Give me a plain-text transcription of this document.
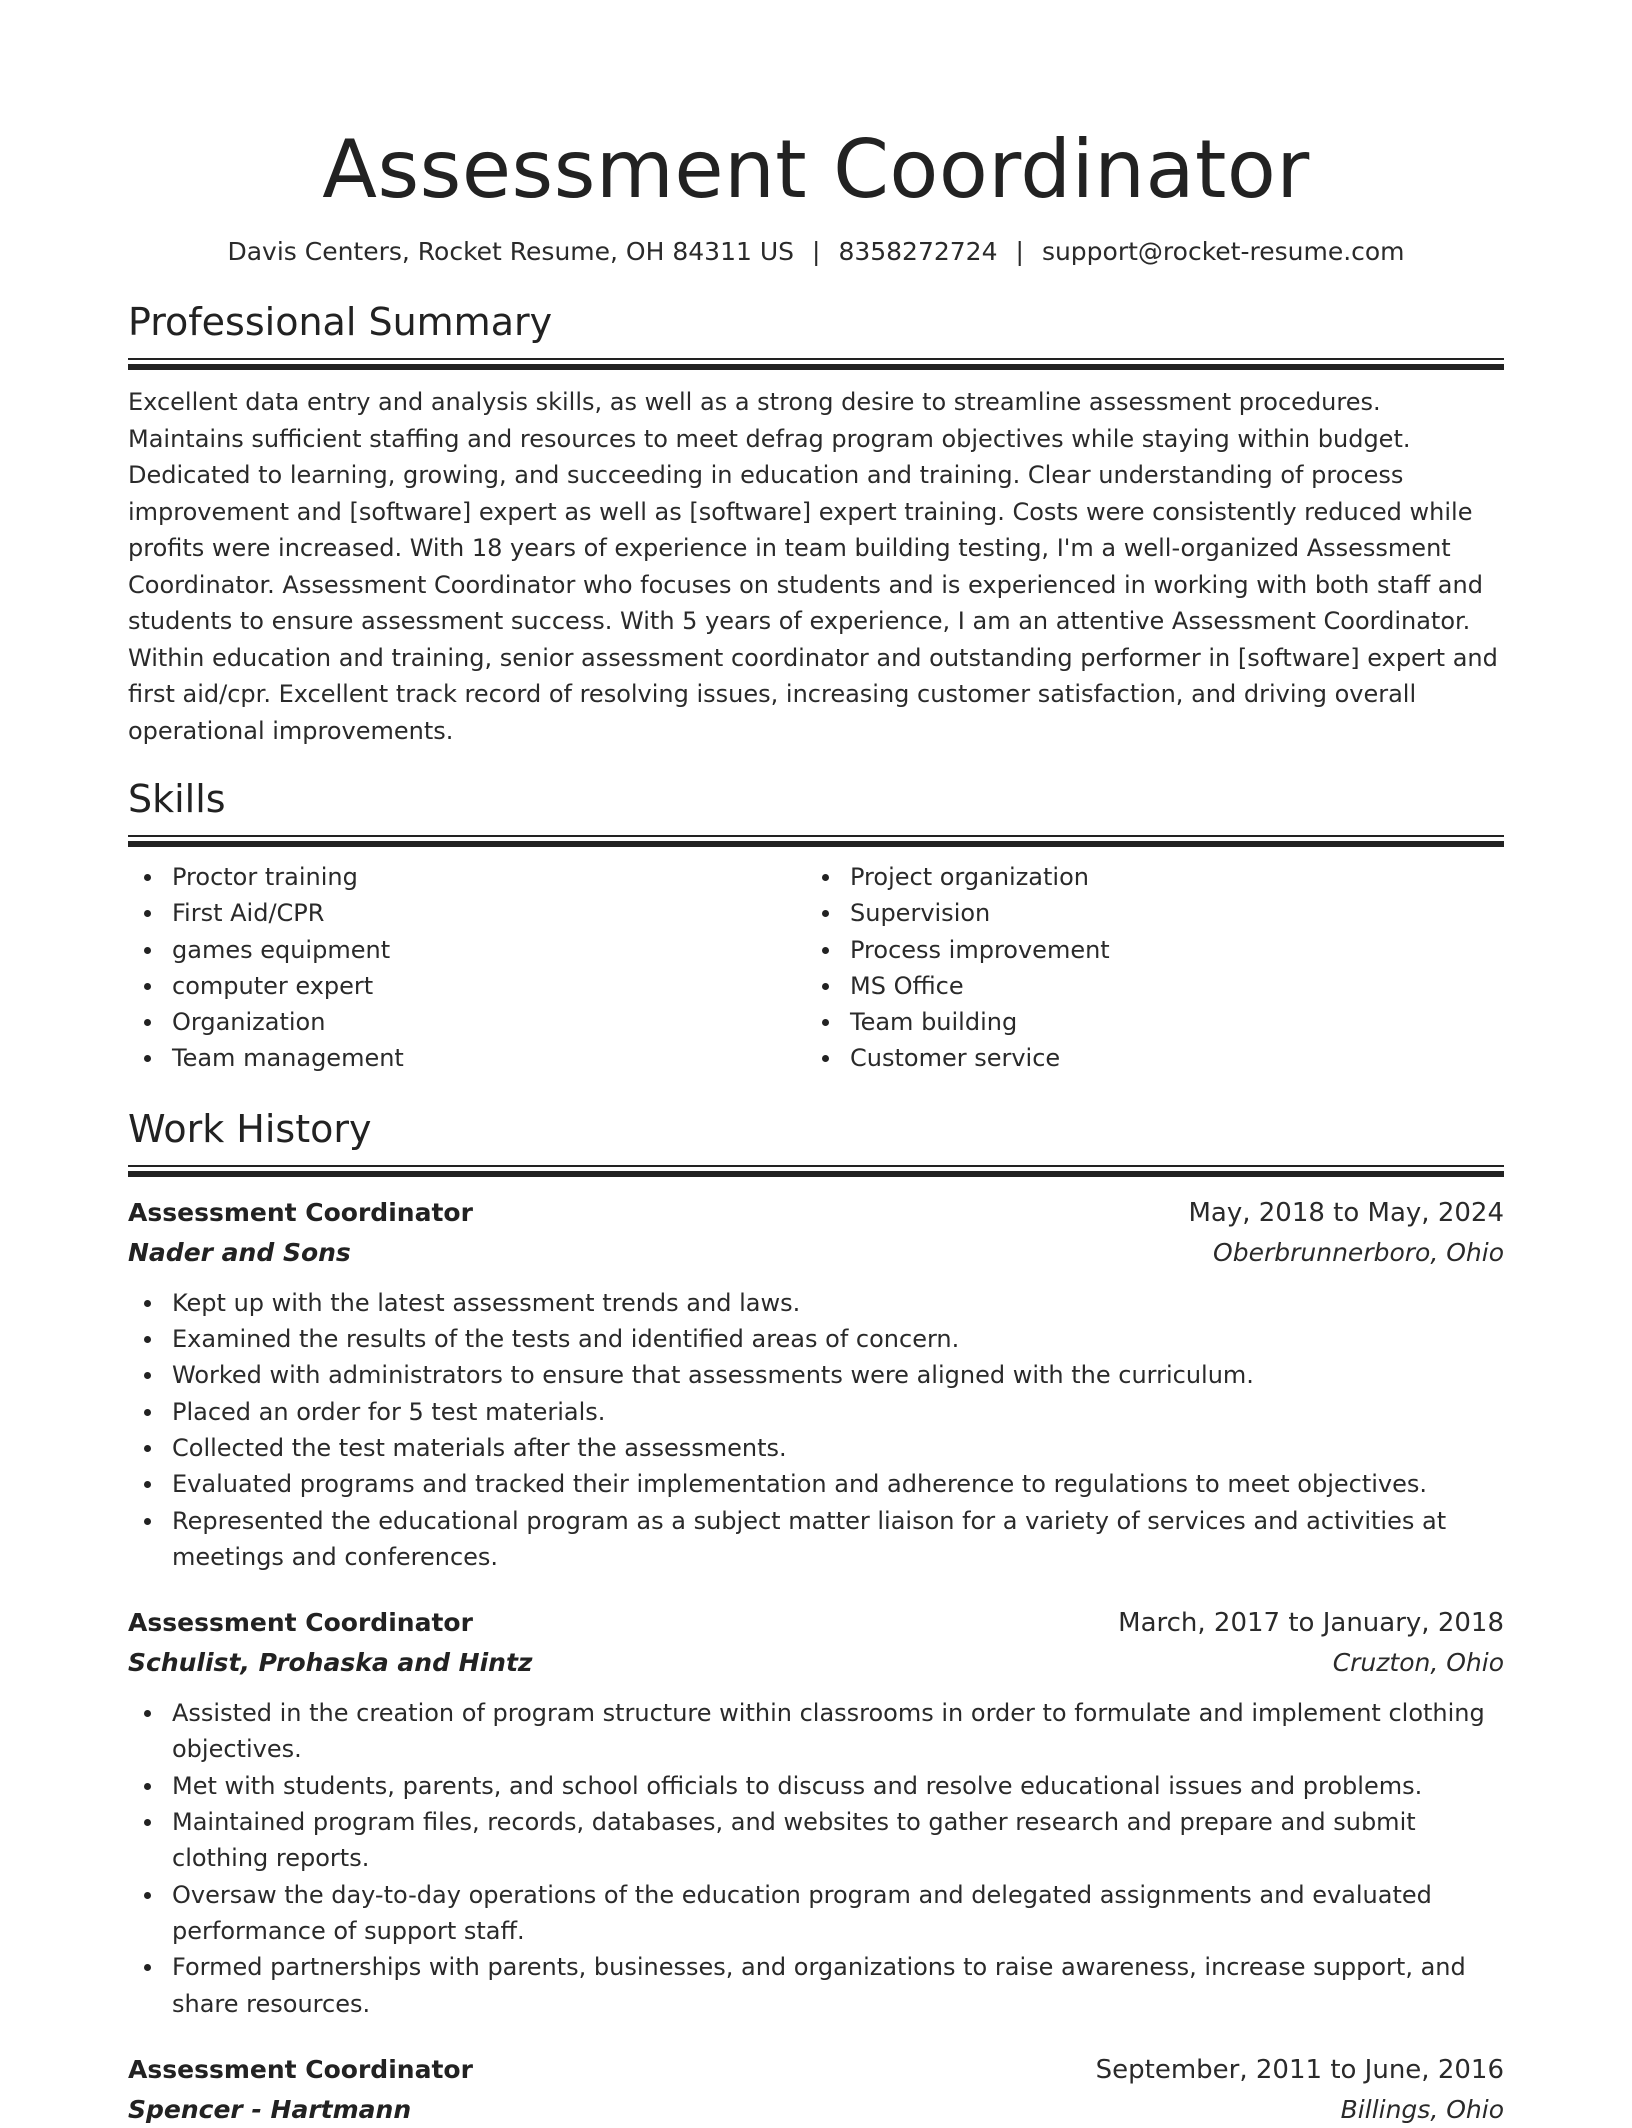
Assessment Coordinator
Davis Centers, Rocket Resume, OH 84311 US | 8358272724 | support@rocket-resume.com
Professional Summary
Excellent data entry and analysis skills, as well as a strong desire to streamline assessment procedures. Maintains sufficient staffing and resources to meet defrag program objectives while staying within budget. Dedicated to learning, growing, and succeeding in education and training. Clear understanding of process improvement and [software] expert as well as [software] expert training. Costs were consistently reduced while profits were increased. With 18 years of experience in team building testing, I'm a well-organized Assessment Coordinator. Assessment Coordinator who focuses on students and is experienced in working with both staff and students to ensure assessment success. With 5 years of experience, I am an attentive Assessment Coordinator. Within education and training, senior assessment coordinator and outstanding performer in [software] expert and first aid/cpr. Excellent track record of resolving issues, increasing customer satisfaction, and driving overall operational improvements.
Skills
Proctor training
First Aid/CPR
games equipment
computer expert
Organization
Team management
Project organization
Supervision
Process improvement
MS Office
Team building
Customer service
Work History
Assessment Coordinator	May, 2018 to May, 2024
Nader and Sons	Oberbrunnerboro, Ohio
Kept up with the latest assessment trends and laws.
Examined the results of the tests and identified areas of concern.
Worked with administrators to ensure that assessments were aligned with the curriculum.
Placed an order for 5 test materials.
Collected the test materials after the assessments.
Evaluated programs and tracked their implementation and adherence to regulations to meet objectives.
Represented the educational program as a subject matter liaison for a variety of services and activities at meetings and conferences.
Assessment Coordinator	March, 2017 to January, 2018
Schulist, Prohaska and Hintz	Cruzton, Ohio
Assisted in the creation of program structure within classrooms in order to formulate and implement clothing objectives.
Met with students, parents, and school officials to discuss and resolve educational issues and problems.
Maintained program files, records, databases, and websites to gather research and prepare and submit clothing reports.
Oversaw the day-to-day operations of the education program and delegated assignments and evaluated performance of support staff.
Formed partnerships with parents, businesses, and organizations to raise awareness, increase support, and share resources.
Assessment Coordinator	September, 2011 to June, 2016
Spencer - Hartmann	Billings, Ohio
